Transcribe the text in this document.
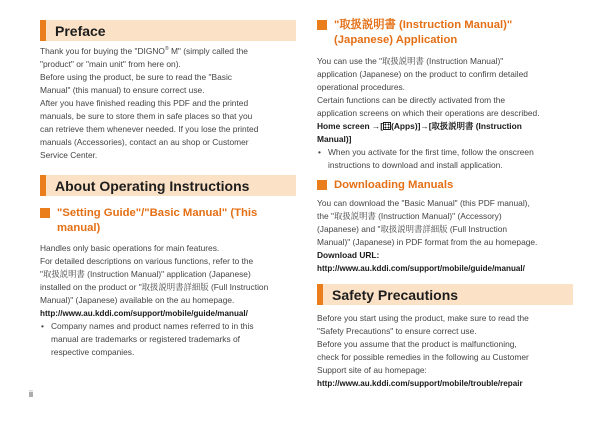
Preface

Thank you for buying the "DIGNO® M" (simply called the

"product" or "main unit" from here on).

Before using the product, be sure to read the "Basic

Manual" (this manual) to ensure correct use.

After you have finished reading this PDF and the printed

manuals, be sure to store them in safe places so that you

can retrieve them whenever needed. If you lose the printed

manuals (Accessories), contact an au shop or Customer

Service Center.

About Operating Instructions
"Setting Guide"/"Basic Manual" (This
manual)

Handles only basic operations for main features.

For detailed descriptions on various functions, refer to the

"取扱説明書 (Instruction Manual)" application (Japanese)

installed on the product or "取扱説明書詳細版 (Full Instruction

Manual)" (Japanese) available on the au homepage.

http://www.au.kddi.com/support/mobile/guide/manual/

• Company names and product names referred to in this
manual are trademarks or registered trademarks of
respective companies.
"取扱説明書 (Instruction Manual)"
(Japanese) Application

You can use the "取扱説明書 (Instruction Manual)"

application (Japanese) on the product to confirm detailed

operational procedures.

Certain functions can be directly activated from the

application screens on which their operations are described.

Home screen →[ (Apps)]→[取扱説明書 (Instruction

Manual)]

• When you activate for the first time, follow the onscreen
instructions to download and install application.
Downloading Manuals

You can download the "Basic Manual" (this PDF manual),

the "取扱説明書 (Instruction Manual)" (Accessory)

(Japanese) and "取扱説明書詳細版 (Full Instruction

Manual)" (Japanese) in PDF format from the au homepage.

Download URL:

http://www.au.kddi.com/support/mobile/guide/manual/

Safety Precautions

Before you start using the product, make sure to read the

"Safety Precautions" to ensure correct use.

Before you assume that the product is malfunctioning,

check for possible remedies in the following au Customer

Support site of au homepage:

http://www.au.kddi.com/support/mobile/trouble/repair

ii
